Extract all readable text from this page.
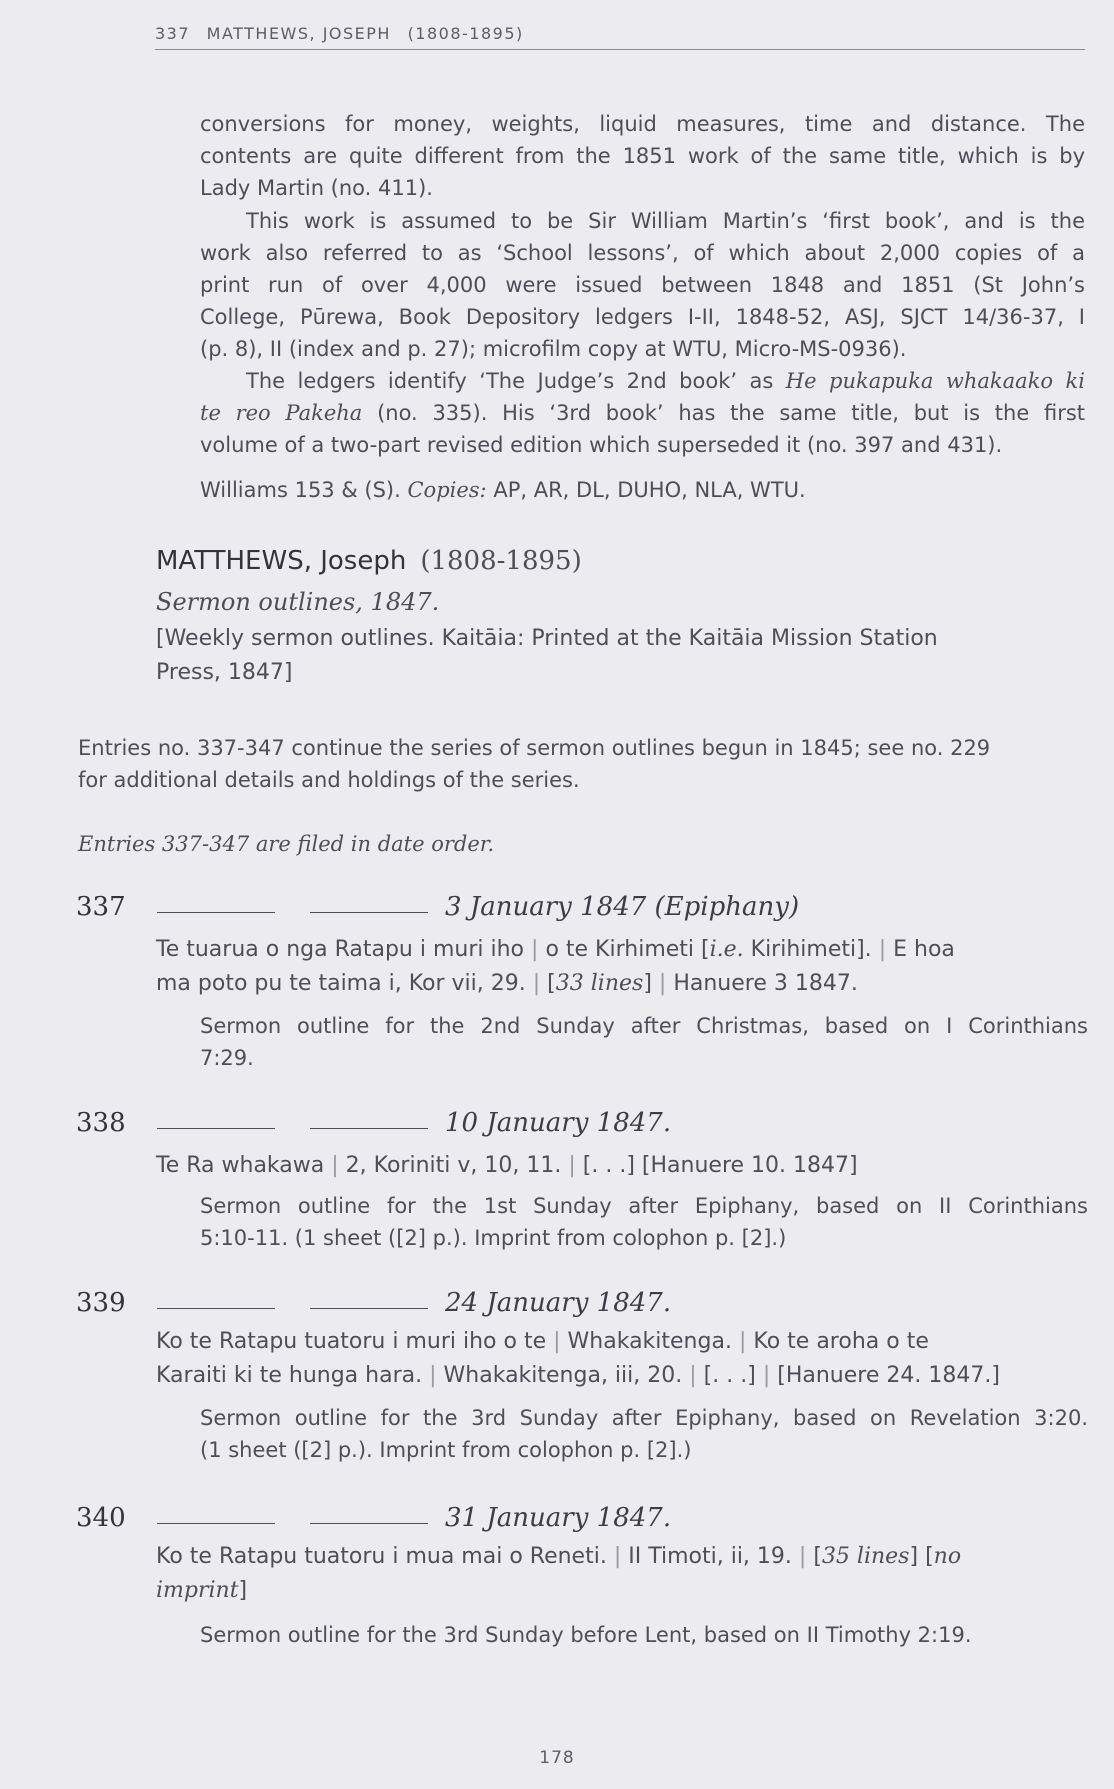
337 MATTHEWS, JOSEPH (1808-1895)
conversions for money, weights, liquid measures, time and distance. The
contents are quite different from the 1851 work of the same title, which is by
Lady Martin (no. 411).
This work is assumed to be Sir William Martin’s ‘first book’, and is the
work also referred to as ‘School lessons’, of which about 2,000 copies of a
print run of over 4,000 were issued between 1848 and 1851 (St John’s
College, Pūrewa, Book Depository ledgers I-II, 1848-52, ASJ, SJCT 14/36-37, I
(p. 8), II (index and p. 27); microfilm copy at WTU, Micro-MS-0936).
The ledgers identify ‘The Judge’s 2nd book’ as He pukapuka whakaako ki
te reo Pakeha (no. 335). His ‘3rd book’ has the same title, but is the first
volume of a two-part revised edition which superseded it (no. 397 and 431).
Williams 153 & (S). Copies: AP, AR, DL, DUHO, NLA, WTU.
MATTHEWS, Joseph (1808-1895)
Sermon outlines, 1847.
[Weekly sermon outlines. Kaitāia: Printed at the Kaitāia Mission Station
Press, 1847]
Entries no. 337-347 continue the series of sermon outlines begun in 1845; see no. 229
for additional details and holdings of the series.
Entries 337-347 are filed in date order.
337	3 January 1847 (Epiphany)
Te tuarua o nga Ratapu i muri iho | o te Kirhimeti [i.e. Kirihimeti]. | E hoa
ma poto pu te taima i, Kor vii, 29. | [33 lines] | Hanuere 3 1847.
Sermon outline for the 2nd Sunday after Christmas, based on I Corinthians
7:29.
338	10 January 1847.
Te Ra whakawa | 2, Koriniti v, 10, 11. | [. . .] [Hanuere 10. 1847]
Sermon outline for the 1st Sunday after Epiphany, based on II Corinthians
5:10-11. (1 sheet ([2] p.). Imprint from colophon p. [2].)
339	24 January 1847.
Ko te Ratapu tuatoru i muri iho o te | Whakakitenga. | Ko te aroha o te
Karaiti ki te hunga hara. | Whakakitenga, iii, 20. | [. . .] | [Hanuere 24. 1847.]
Sermon outline for the 3rd Sunday after Epiphany, based on Revelation 3:20.
(1 sheet ([2] p.). Imprint from colophon p. [2].)
340	31 January 1847.
Ko te Ratapu tuatoru i mua mai o Reneti. | II Timoti, ii, 19. | [35 lines] [no
imprint]
Sermon outline for the 3rd Sunday before Lent, based on II Timothy 2:19.
178
